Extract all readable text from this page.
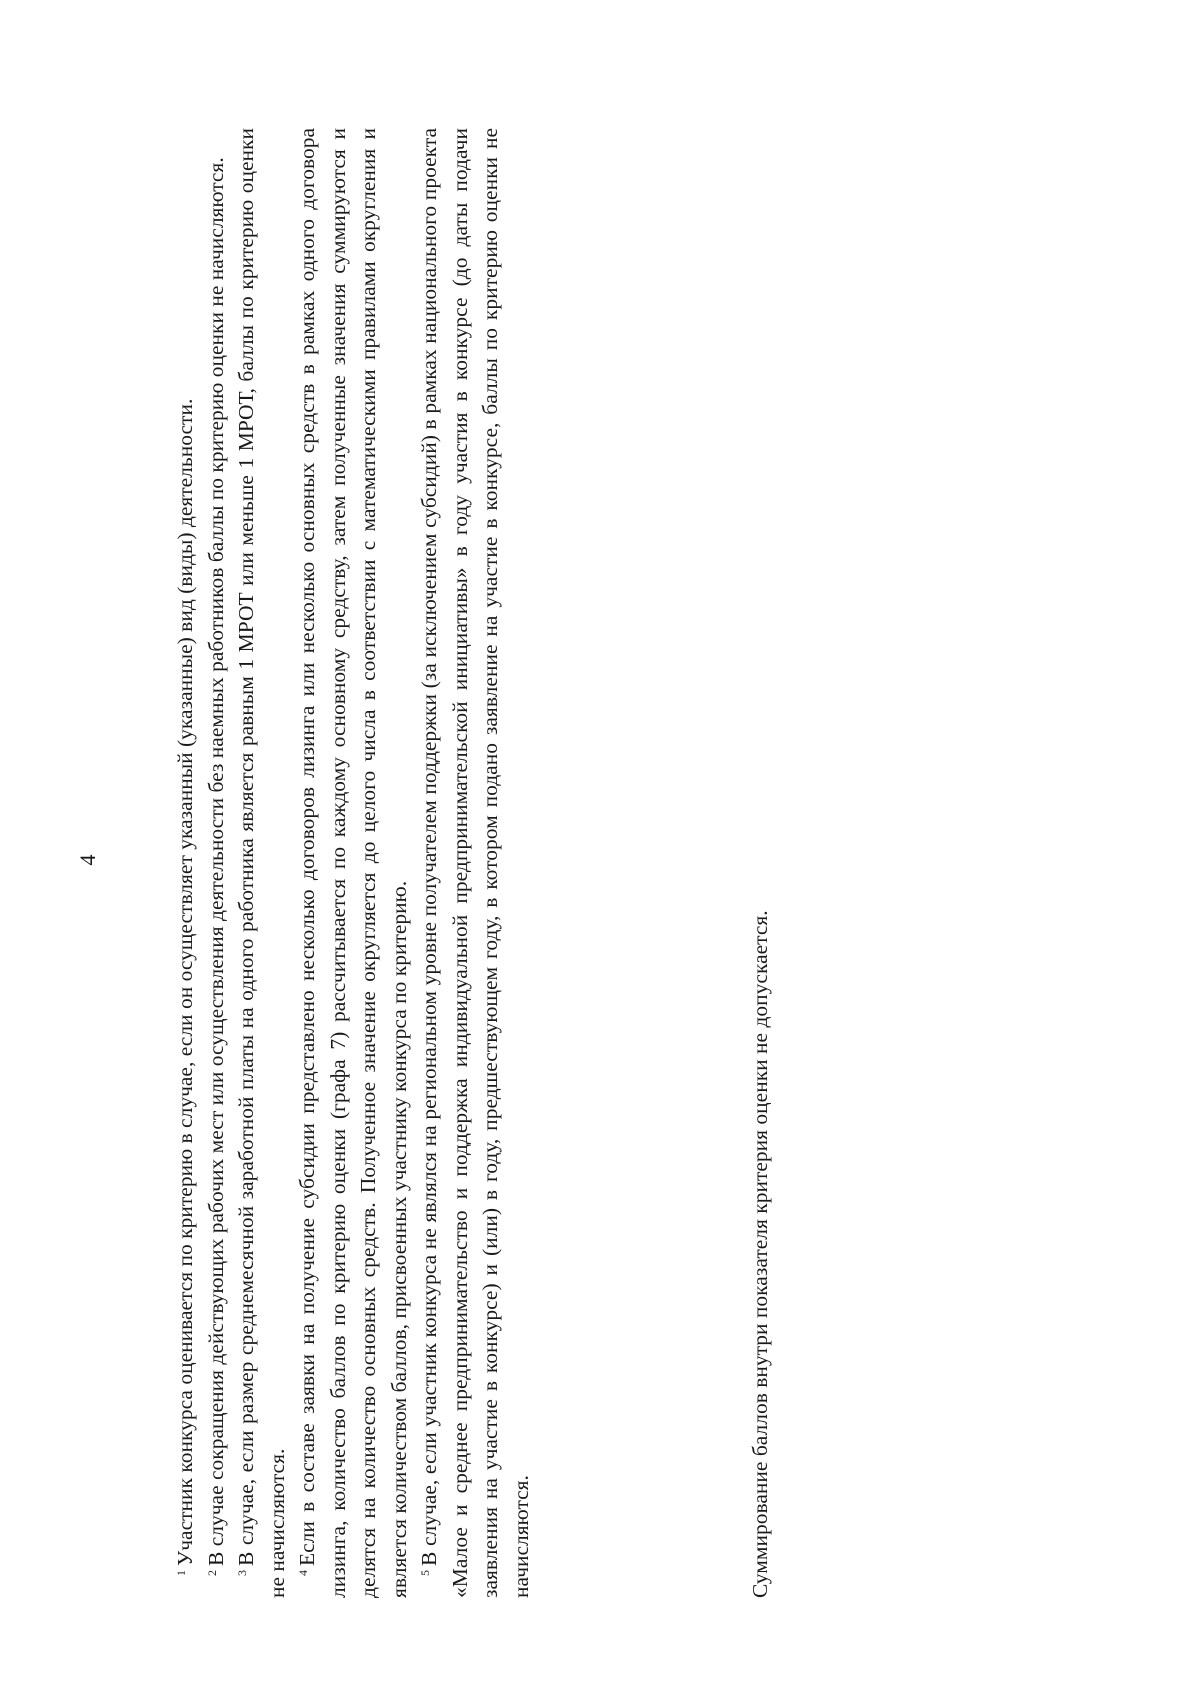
4

$^1$Участник конкурса оценивается по критерию в случае, если он осуществляет указанный (указанные) вид (виды) деятельности.

$^2$В случае сокращения действующих рабочих мест или осуществления деятельности без наемных работников баллы по критерию оценки не начисляются.

$^3$В случае, если размер среднемесячной заработной платы на одного работника является равным 1 МРОТ или меньше 1 МРОТ, баллы по критерию оценки не начисляются. $^4$Если в составе заявки на получение субсидии представлено несколько договоров лизинга или несколько основных средств в рамках одного договора лизинга, количество баллов по критерию оценки (графа 7) рассчитывается по каждому основному средству, затем полученные значения суммируются и делятся на количество основных средств. Полученное значение округляется до целого числа в соответствии с математическими правилами округления и является количеством баллов, присвоенных участнику конкурса по критерию. $^5$В случае, если участник конкурса не являлся на региональном уровне получателем поддержки (за исключением субсидий) в рамках национального проекта «Малое и среднее предпринимательство и поддержка индивидуальной предпринимательской инициативы» в году участия в конкурсе (до даты подачи заявления на участие в конкурсе) и (или) в году, предшествующем году, в котором подано заявление на участие в конкурсе, баллы по критерию оценки не начисляются.	Суммирование баллов внутри показателя критерия оценки не допускается.
